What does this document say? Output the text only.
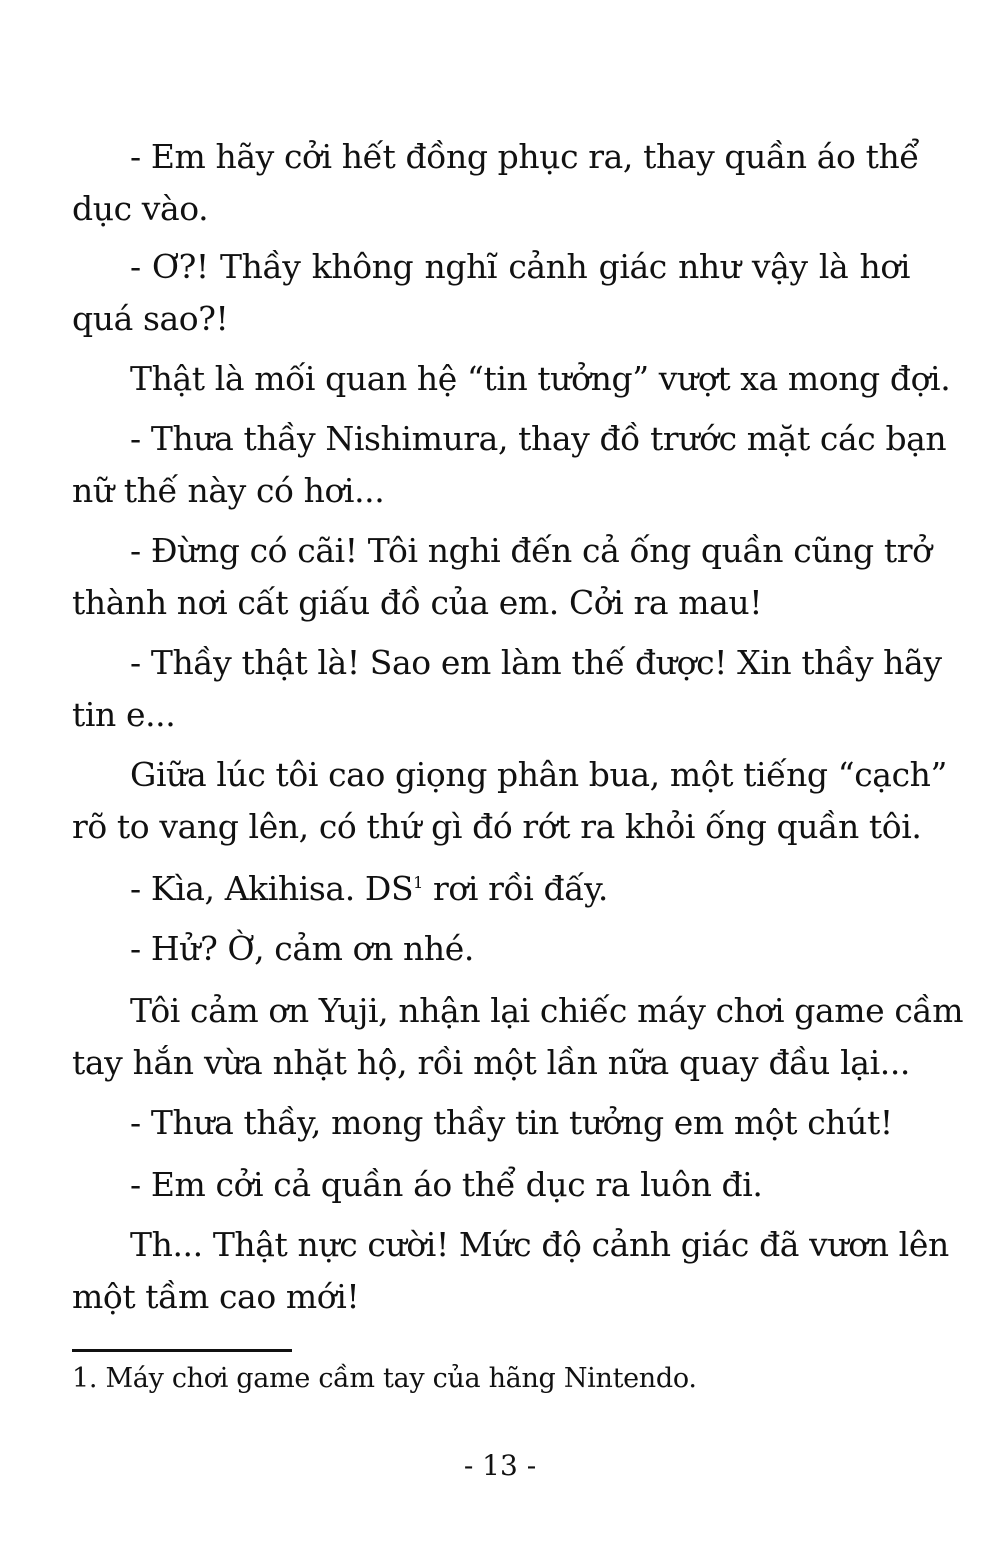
- Em hãy cởi hết đồng phục ra, thay quần áo thể
dục vào.
- Ơ?! Thầy không nghĩ cảnh giác như vậy là hơi
quá sao?!
Thật là mối quan hệ “tin tưởng” vượt xa mong đợi.
- Thưa thầy Nishimura, thay đồ trước mặt các bạn
nữ thế này có hơi...
- Đừng có cãi! Tôi nghi đến cả ống quần cũng trở
thành nơi cất giấu đồ của em. Cởi ra mau!
- Thầy thật là! Sao em làm thế được! Xin thầy hãy
tin e...
Giữa lúc tôi cao giọng phân bua, một tiếng “cạch”
rõ to vang lên, có thứ gì đó rớt ra khỏi ống quần tôi.
- Kìa, Akihisa. DS$^1$ rơi rồi đấy.
- Hử? Ờ, cảm ơn nhé.
Tôi cảm ơn Yuji, nhận lại chiếc máy chơi game cầm
tay hắn vừa nhặt hộ, rồi một lần nữa quay đầu lại...
- Thưa thầy, mong thầy tin tưởng em một chút!
- Em cởi cả quần áo thể dục ra luôn đi.
Th... Thật nực cười! Mức độ cảnh giác đã vươn lên
một tầm cao mới!
1. Máy chơi game cầm tay của hãng Nintendo.
- 13 -
